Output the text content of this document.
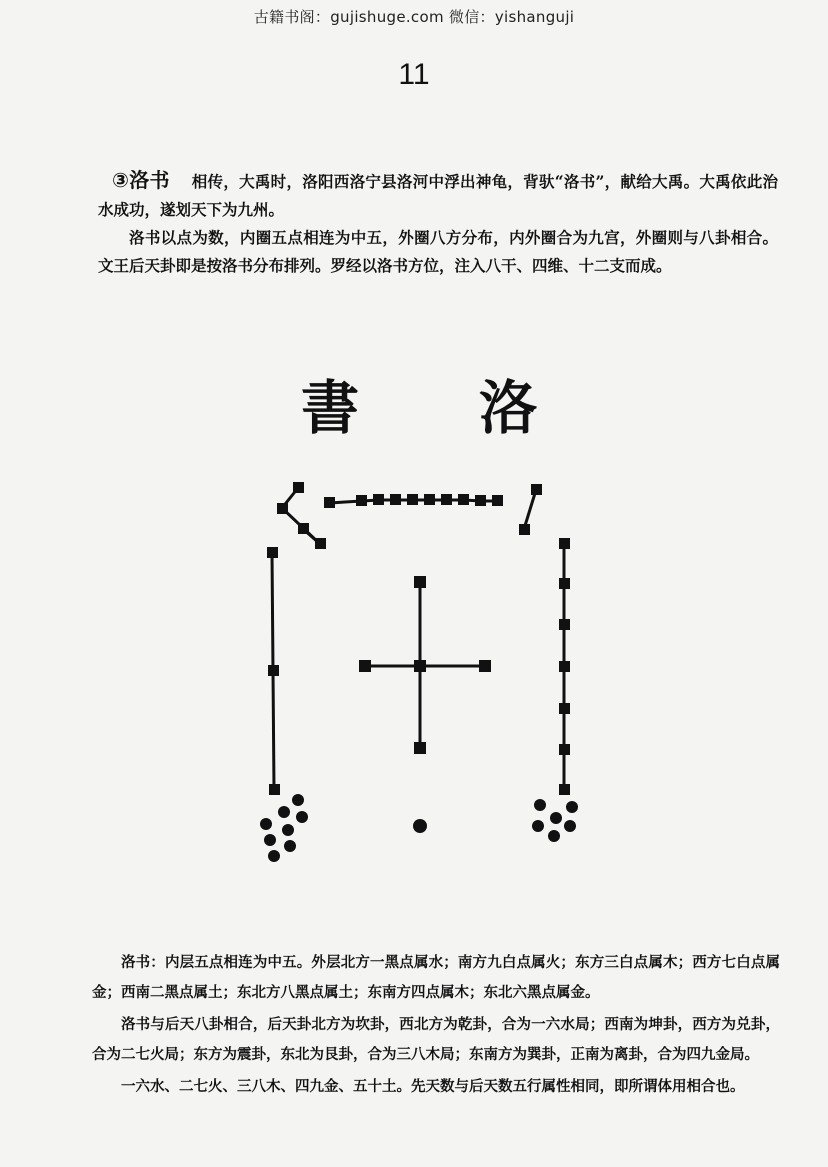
古籍书阁：gujishuge.com 微信：yishanguji
11

③洛书 相传，大禹时，洛阳西洛宁县洛河中浮出神龟，背驮“洛书”，献给大禹。大禹依此治水成功，遂划天下为九州。

洛书以点为数，内圈五点相连为中五，外圈八方分布，内外圈合为九宫，外圈则与八卦相合。文王后天卦即是按洛书分布排列。罗经以洛书方位，注入八干、四维、十二支而成。

書 洛

洛书：内层五点相连为中五。外层北方一黑点属水；南方九白点属火；东方三白点属木；西方七白点属金；西南二黑点属土；东北方八黑点属土；东南方四点属木；东北六黑点属金。

洛书与后天八卦相合，后天卦北方为坎卦，西北方为乾卦，合为一六水局；西南为坤卦，西方为兑卦，合为二七火局；东方为震卦，东北为艮卦，合为三八木局；东南方为巽卦，正南为离卦，合为四九金局。

一六水、二七火、三八木、四九金、五十土。先天数与后天数五行属性相同，即所谓体用相合也。
